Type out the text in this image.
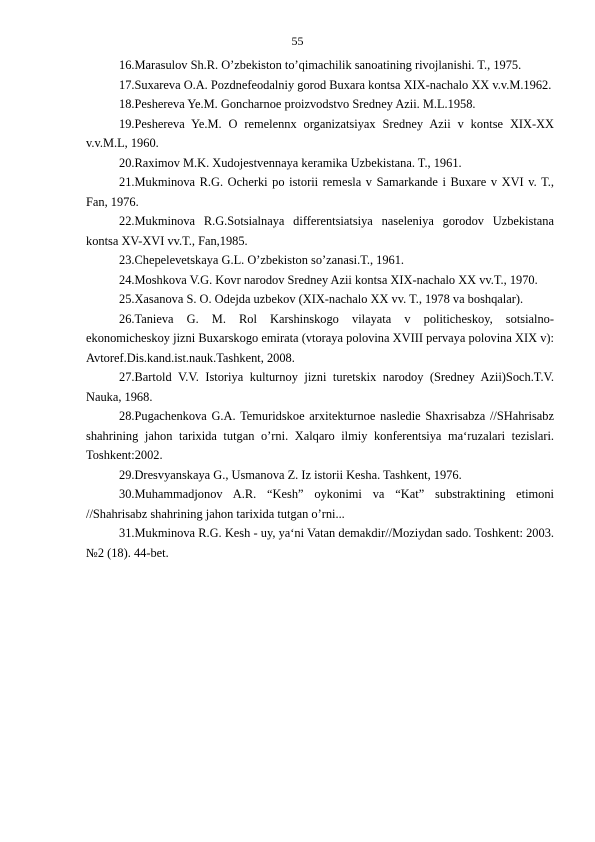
55

16.Marasulov Sh.R. O’zbekiston to’qimachilik sanoatining rivojlanishi. T., 1975.

17.Suxareva O.A. Pozdnefeodalniy gorod Buxara kontsa XIX-nachalo XX v.v.M.1962.

18.Peshereva Ye.M. Goncharnoe proizvodstvo Sredney Azii. M.L.1958.

19.Peshereva Ye.M. O remelennx organizatsiyax Sredney Azii v kontse XIX-XX v.v.M.L, 1960.

20.Raximov M.K. Xudojestvennaya keramika Uzbekistana. T., 1961.

21.Mukminova R.G. Ocherki po istorii remesla v Samarkande i Buxare v XVI v. T., Fan, 1976.

22.Mukminova R.G.Sotsialnaya differentsiatsiya naseleniya gorodov Uzbekistana kontsa XV-XVI vv.T., Fan,1985.

23.Chepelevetskaya G.L. O’zbekiston so’zanasi.T., 1961.

24.Moshkova V.G. Kovr narodov Sredney Azii kontsa XIX-nachalo XX vv.T., 1970.

25.Xasanova S. O. Odejda uzbekov (XIX-nachalo XX vv. T., 1978 va boshqalar).

26.Tanieva G. M. Rol Karshinskogo vilayata v politicheskoy, sotsialno-ekonomicheskoy jizni Buxarskogo emirata (vtoraya polovina XVIII pervaya polovina XIX v): Avtoref.Dis.kand.ist.nauk.Tashkent, 2008.

27.Bartold V.V. Istoriya kulturnoy jizni turetskix narodoy (Sredney Azii)Soch.T.V. Nauka, 1968.

28.Pugachenkova G.A. Temuridskoe arxitekturnoe nasledie Shaxrisabza //SHahrisabz shahrining jahon tarixida tutgan o’rni. Xalqaro ilmiy konferentsiya ma‘ruzalari tezislari. Toshkent:2002.

29.Dresvyanskaya G., Usmanova Z. Iz istorii Kesha. Tashkent, 1976.

30.Muhammadjonov A.R. “Kesh” oykonimi va “Kat” substraktining etimoni //Shahrisabz shahrining jahon tarixida tutgan o’rni...

31.Mukminova R.G. Kesh - uy, ya‘ni Vatan demakdir//Moziydan sado. Toshkent: 2003. №2 (18). 44-bet.
